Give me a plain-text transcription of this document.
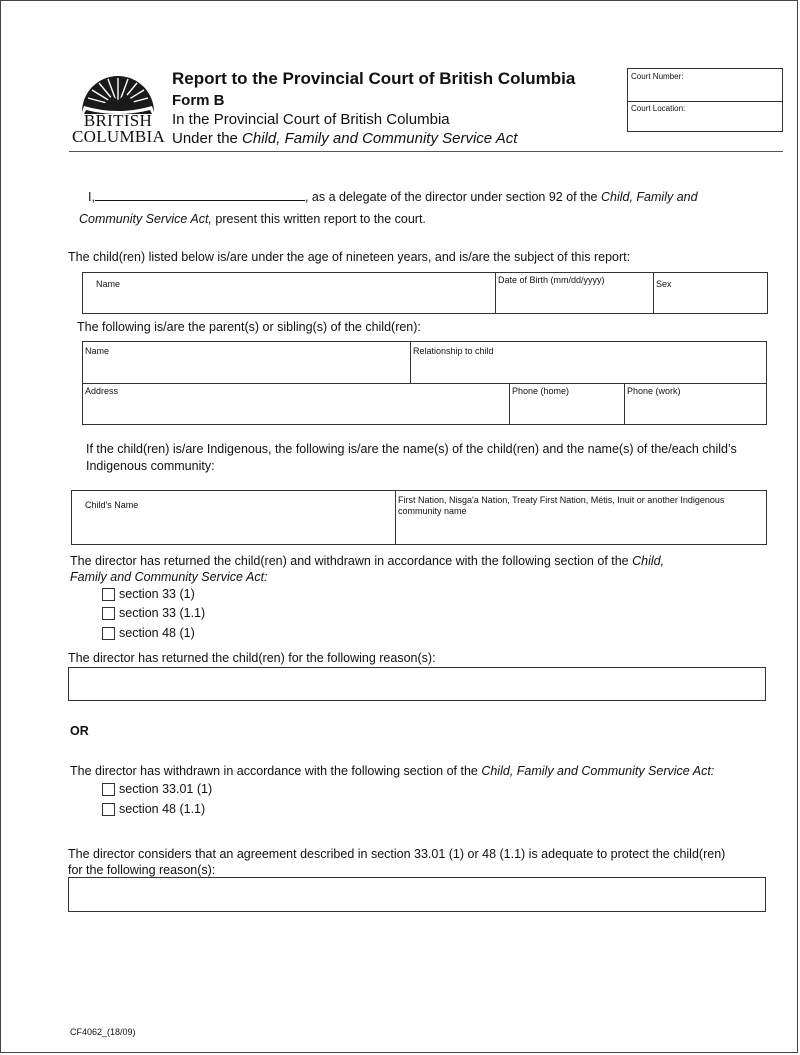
BRITISH
COLUMBIA
Report to the Provincial Court of British Columbia
Form B
In the Provincial Court of British Columbia
Under the Child, Family and Community Service Act
Court Number:
Court Location:
I,	, as a delegate of the director under section 92 of the Child, Family and
Community Service Act, present this written report to the court.
The child(ren) listed below is/are under the age of nineteen years, and is/are the subject of this report:
Name	Date of Birth (mm/dd/yyyy)	Sex
The following is/are the parent(s) or sibling(s) of the child(ren):
Name	Relationship to child
Address	Phone (home)	Phone (work)
If the child(ren) is/are Indigenous, the following is/are the name(s) of the child(ren) and the name(s) of the/each child’s
Indigenous community:
Child's Name	First Nation, Nisga'a Nation, Treaty First Nation, Métis, Inuit or another Indigenous community name
The director has returned the child(ren) and withdrawn in accordance with the following section of the Child,
Family and Community Service Act:
section 33 (1)
section 33 (1.1)
section 48 (1)
The director has returned the child(ren) for the following reason(s):
OR
The director has withdrawn in accordance with the following section of the Child, Family and Community Service Act:
section 33.01 (1)
section 48 (1.1)
The director considers that an agreement described in section 33.01 (1) or 48 (1.1) is adequate to protect the child(ren)
for the following reason(s):
CF4062_(18/09)
